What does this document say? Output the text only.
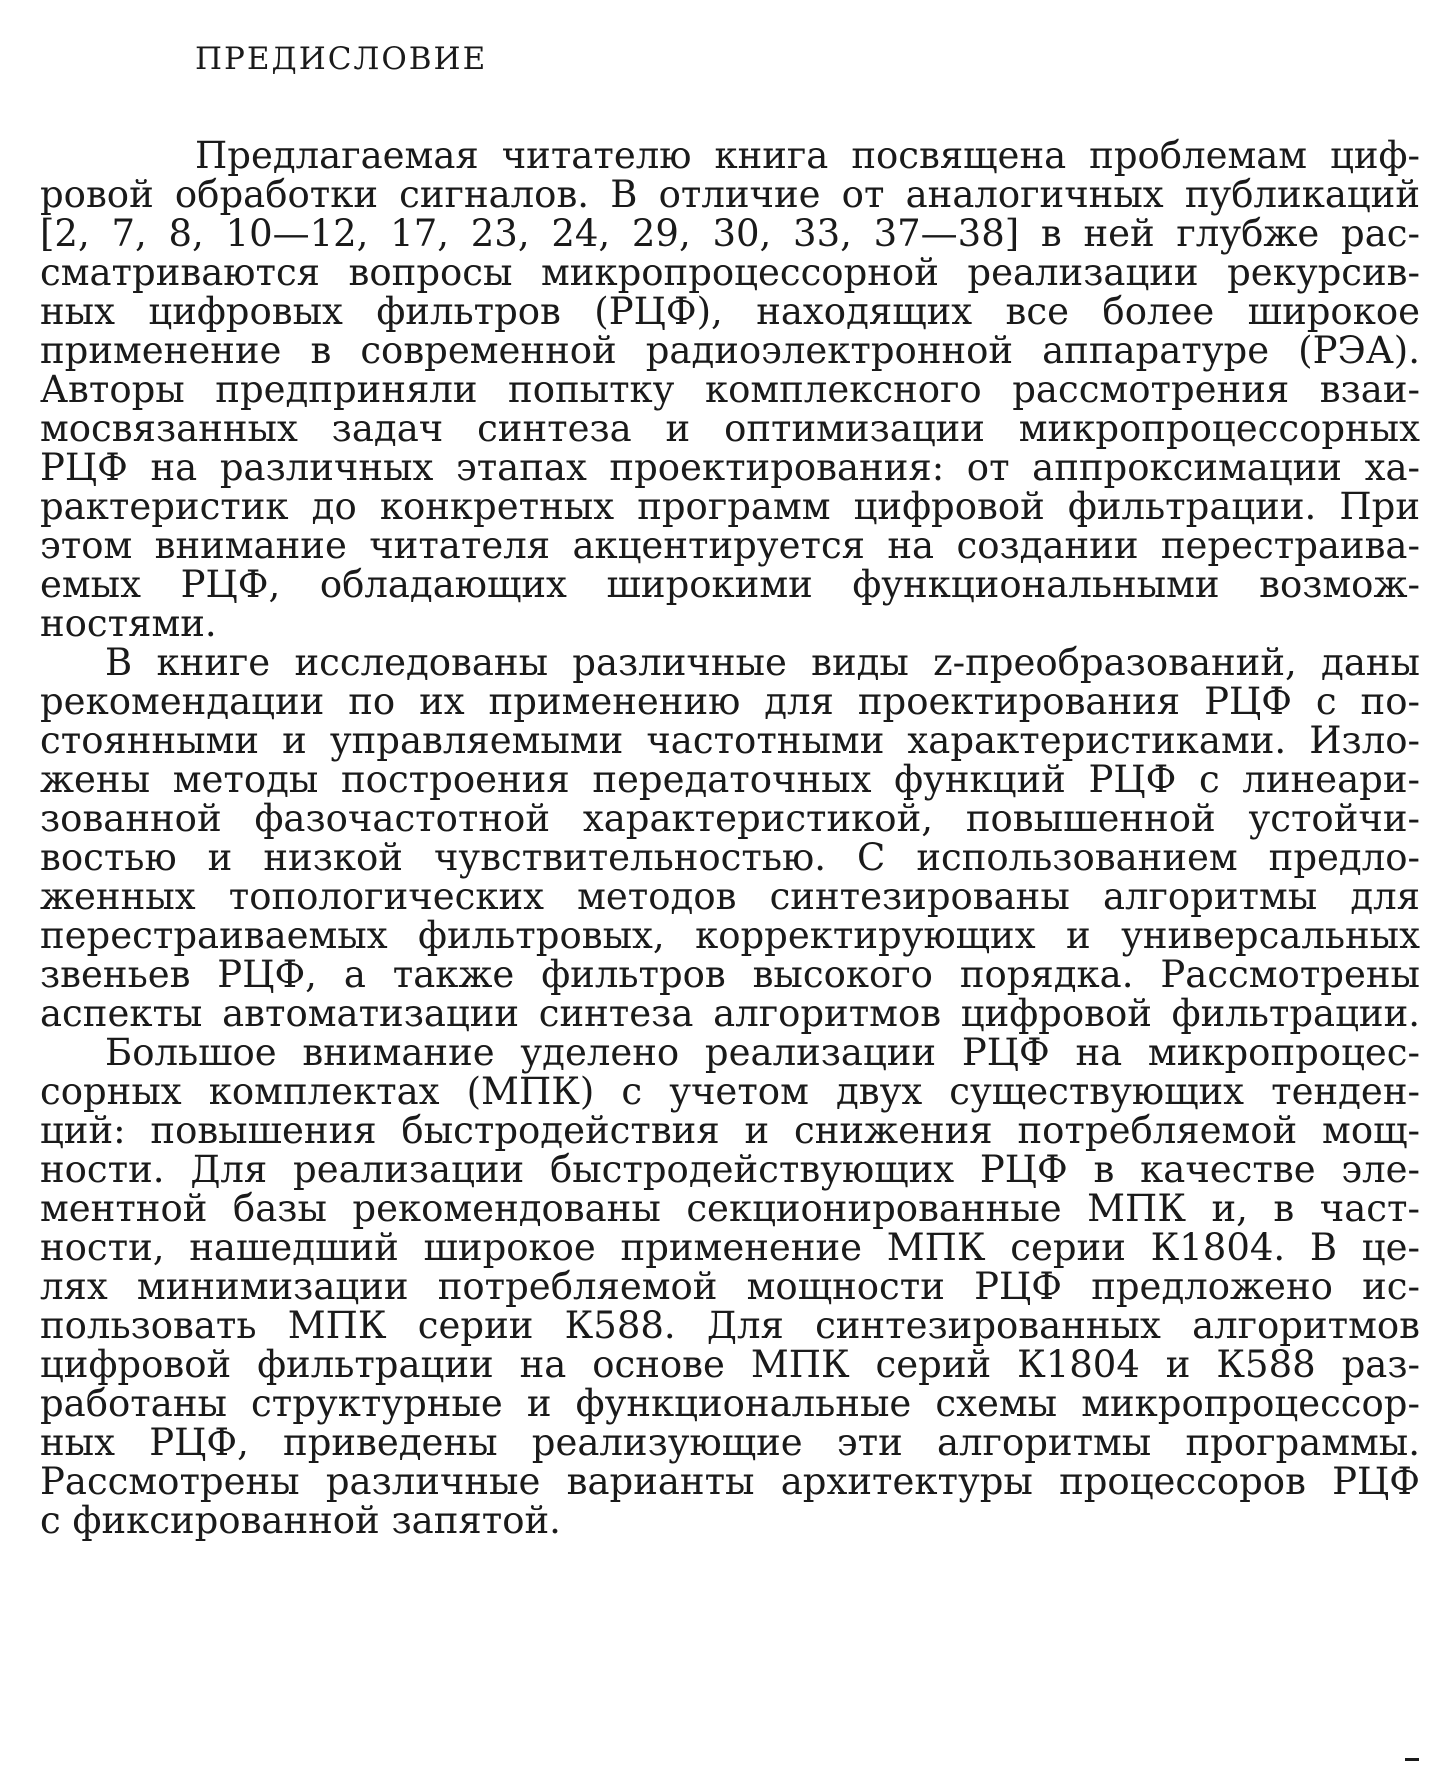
ПРЕДИСЛОВИЕ
Предлагаемая читателю книга посвящена проблемам циф-
ровой обработки сигналов. В отличие от аналогичных публикаций
[2, 7, 8, 10—12, 17, 23, 24, 29, 30, 33, 37—38] в ней глубже рас-
сматриваются вопросы микропроцессорной реализации рекурсив-
ных цифровых фильтров (РЦФ), находящих все более широкое
применение в современной радиоэлектронной аппаратуре (РЭА).
Авторы предприняли попытку комплексного рассмотрения взаи-
мосвязанных задач синтеза и оптимизации микропроцессорных
РЦФ на различных этапах проектирования: от аппроксимации ха-
рактеристик до конкретных программ цифровой фильтрации. При
этом внимание читателя акцентируется на создании перестраива-
емых РЦФ, обладающих широкими функциональными возмож-
ностями.
В книге исследованы различные виды z-преобразований, даны
рекомендации по их применению для проектирования РЦФ с по-
стоянными и управляемыми частотными характеристиками. Изло-
жены методы построения передаточных функций РЦФ с линеари-
зованной фазочастотной характеристикой, повышенной устойчи-
востью и низкой чувствительностью. С использованием предло-
женных топологических методов синтезированы алгоритмы для
перестраиваемых фильтровых, корректирующих и универсальных
звеньев РЦФ, а также фильтров высокого порядка. Рассмотрены
аспекты автоматизации синтеза алгоритмов цифровой фильтрации.
Большое внимание уделено реализации РЦФ на микропроцес-
сорных комплектах (МПК) с учетом двух существующих тенден-
ций: повышения быстродействия и снижения потребляемой мощ-
ности. Для реализации быстродействующих РЦФ в качестве эле-
ментной базы рекомендованы секционированные МПК и, в част-
ности, нашедший широкое применение МПК серии К1804. В це-
лях минимизации потребляемой мощности РЦФ предложено ис-
пользовать МПК серии К588. Для синтезированных алгоритмов
цифровой фильтрации на основе МПК серий К1804 и К588 раз-
работаны структурные и функциональные схемы микропроцессор-
ных РЦФ, приведены реализующие эти алгоритмы программы.
Рассмотрены различные варианты архитектуры процессоров РЦФ
с фиксированной запятой.
